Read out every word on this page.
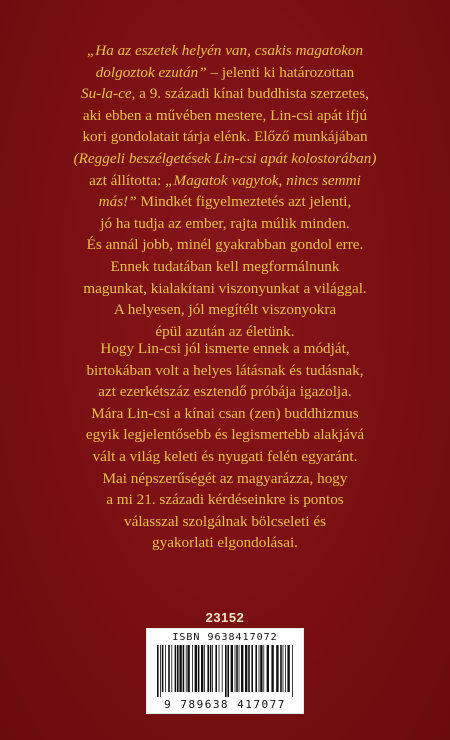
„Ha az eszetek helyén van, csakis magatokon
dolgoztok ezután” – jelenti ki határozottan
Su-la-ce, a 9. századi kínai buddhista szerzetes,
aki ebben a művében mestere, Lin-csi apát ifjú
kori gondolatait tárja elénk. Előző munkájában
(Reggeli beszélgetések Lin-csi apát kolostorában)
azt állította: „Magatok vagytok, nincs semmi
más!” Mindkét figyelmeztetés azt jelenti,
jó ha tudja az ember, rajta múlik minden.
És annál jobb, minél gyakrabban gondol erre.
Ennek tudatában kell megformálnunk
magunkat, kialakítani viszonyunkat a világgal.
A helyesen, jól megítélt viszonyokra
épül azután az életünk.
Hogy Lin-csi jól ismerte ennek a módját,
birtokában volt a helyes látásnak és tudásnak,
azt ezerkétszáz esztendő próbája igazolja.
Mára Lin-csi a kínai csan (zen) buddhizmus
egyik legjelentősebb és legismertebb alakjává
vált a világ keleti és nyugati felén egyaránt.
Mai népszerűségét az magyarázza, hogy
a mi 21. századi kérdéseinkre is pontos
válasszal szolgálnak bölcseleti és
gyakorlati elgondolásai.
23152
ISBN 9638417072
9 789638 417077
